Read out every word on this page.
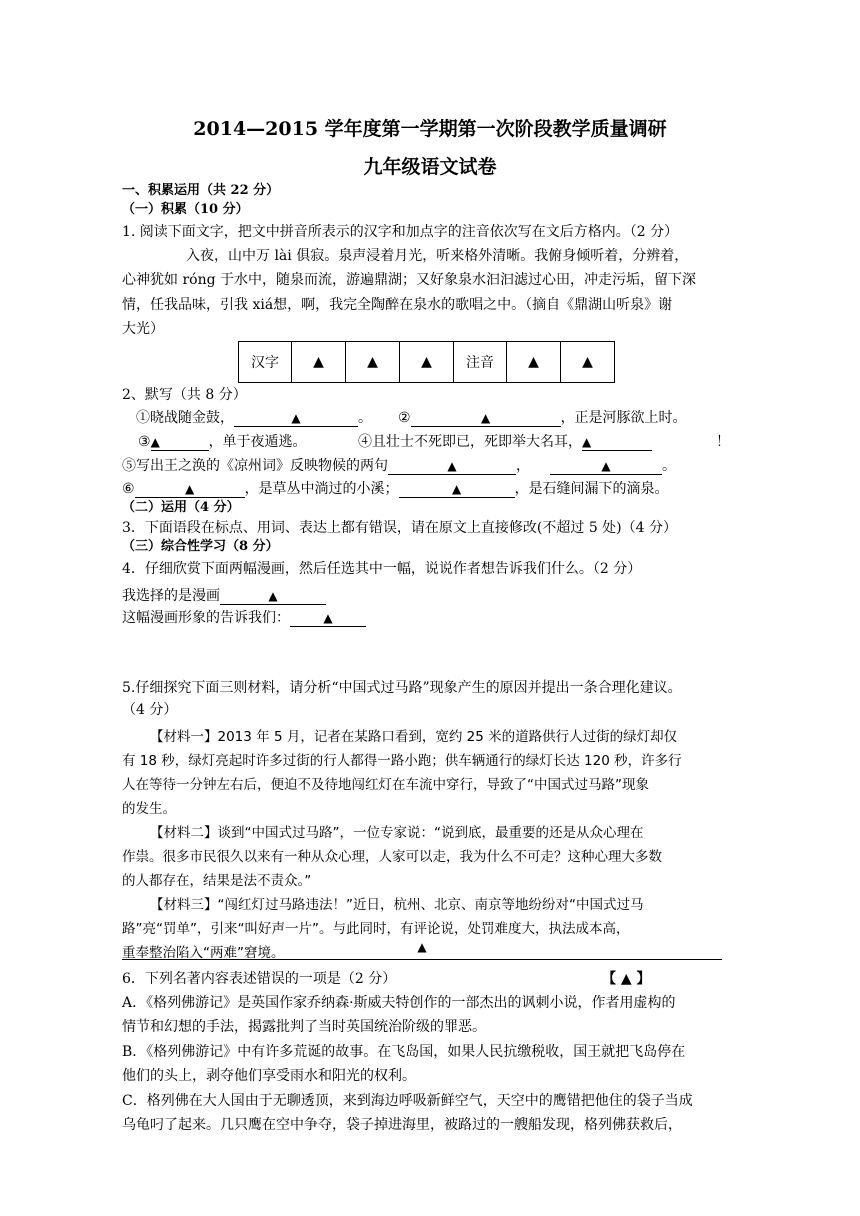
2014—2015 学年度第一学期第一次阶段教学质量调研
九年级语文试卷
一、积累运用（共 22 分）
（一）积累（10 分）
1. 阅读下面文字，把文中拼音所表示的汉字和加点字的注音依次写在文后方格内。（2 分）
入夜，山中万 lài 俱寂。泉声浸着月光，听来格外清晰。我俯身倾听着，分辨着，
心神犹如 róng 于水中，随泉而流，游遍鼎湖；又好象泉水汩汩滤过心田，冲走污垢，留下深
情，任我品味，引我 xiá想，啊，我完全陶醉在泉水的歌唱之中。（摘自《鼎湖山听泉》谢
大光）
汉字	▲	▲	▲	注音	▲	▲
2、默写（共 8 分）
①晓战随金鼓，	▲	。 ②	▲	，正是河豚欲上时。
③▲	，单于夜遁逃。	④且壮士不死即已，死即举大名耳，▲	！
⑤写出王之涣的《凉州词》反映物候的两句	▲	，	▲	。
⑥	▲	，是草丛中淌过的小溪；	▲	，是石缝间漏下的滴泉。
（二）运用（4 分）
3．下面语段在标点、用词、表达上都有错误，请在原文上直接修改(不超过 5 处)（4 分）
（三）综合性学习（8 分）
4．仔细欣赏下面两幅漫画，然后任选其中一幅，说说作者想告诉我们什么。（2 分）
我选择的是漫画	▲
这幅漫画形象的告诉我们：	▲
5.仔细探究下面三则材料，请分析“中国式过马路”现象产生的原因并提出一条合理化建议。
（4 分）
【材料一】2013 年 5 月，记者在某路口看到，宽约 25 米的道路供行人过街的绿灯却仅
有 18 秒，绿灯亮起时许多过街的行人都得一路小跑；供车辆通行的绿灯长达 120 秒，许多行
人在等待一分钟左右后，便迫不及待地闯红灯在车流中穿行，导致了“中国式过马路”现象
的发生。
【材料二】谈到“中国式过马路”，一位专家说：“说到底，最重要的还是从众心理在
作祟。很多市民很久以来有一种从众心理，人家可以走，我为什么不可走？这种心理大多数
的人都存在，结果是法不责众。”
【材料三】“闯红灯过马路违法！”近日，杭州、北京、南京等地纷纷对“中国式过马
路”亮“罚单”，引来“叫好声一片”。与此同时，有评论说，处罚难度大，执法成本高，
重奉整治陷入“两难”窘境。	▲
6．下列名著内容表述错误的一项是（2 分）	【 ▲ 】
A．《格列佛游记》是英国作家乔纳森·斯威夫特创作的一部杰出的讽刺小说，作者用虚构的
情节和幻想的手法，揭露批判了当时英国统治阶级的罪恶。
B．《格列佛游记》中有许多荒诞的故事。在飞岛国，如果人民抗缴税收，国王就把飞岛停在
他们的头上，剥夺他们享受雨水和阳光的权利。
C．格列佛在大人国由于无聊透顶，来到海边呼吸新鲜空气，天空中的鹰错把他住的袋子当成
乌龟叼了起来。几只鹰在空中争夺，袋子掉进海里，被路过的一艘船发现，格列佛获救后，
